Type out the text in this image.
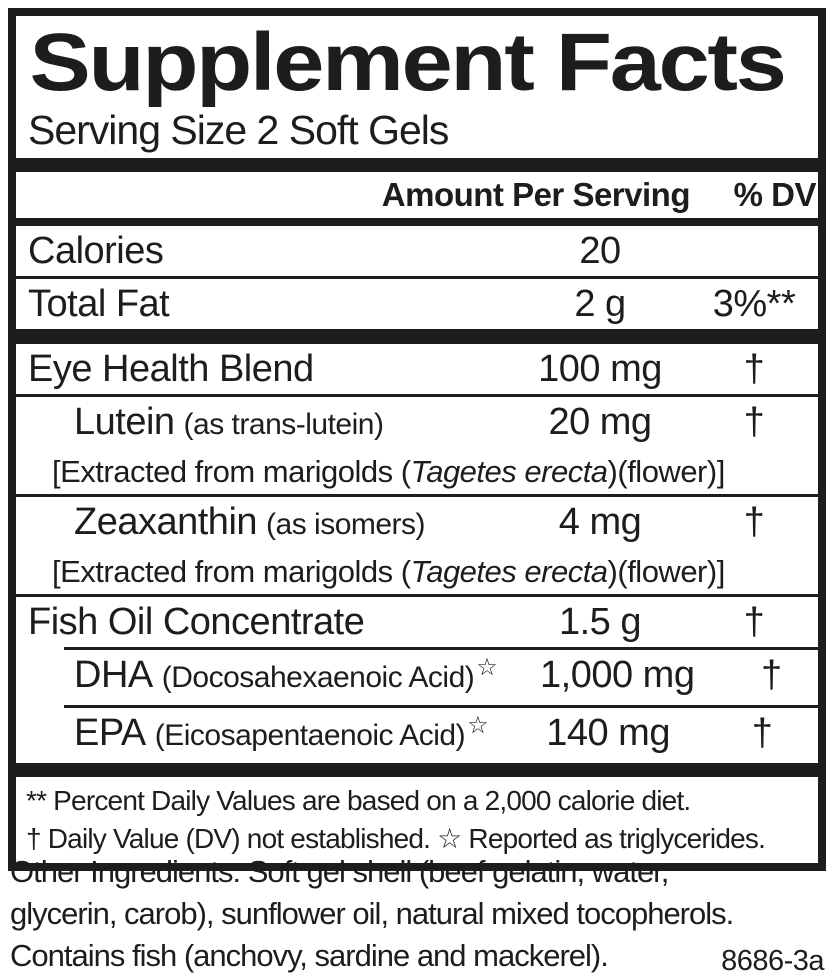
Supplement Facts
Serving Size 2 Soft Gels
Amount Per Serving	% DV
Calories	20
Total Fat	2 g	3%**
Eye Health Blend	100 mg	†
Lutein (as trans-lutein)	20 mg	†
[Extracted from marigolds (Tagetes erecta)(flower)]
Zeaxanthin (as isomers)	4 mg	†
[Extracted from marigolds (Tagetes erecta)(flower)]
Fish Oil Concentrate	1.5 g	†
DHA (Docosahexaenoic Acid)☆	1,000 mg	†
EPA (Eicosapentaenoic Acid)☆	140 mg	†
** Percent Daily Values are based on a 2,000 calorie diet.
† Daily Value (DV) not established. ☆ Reported as triglycerides.
Other Ingredients: Soft gel shell (beef gelatin, water,
glycerin, carob), sunflower oil, natural mixed tocopherols.
Contains fish (anchovy, sardine and mackerel).	8686-3a
